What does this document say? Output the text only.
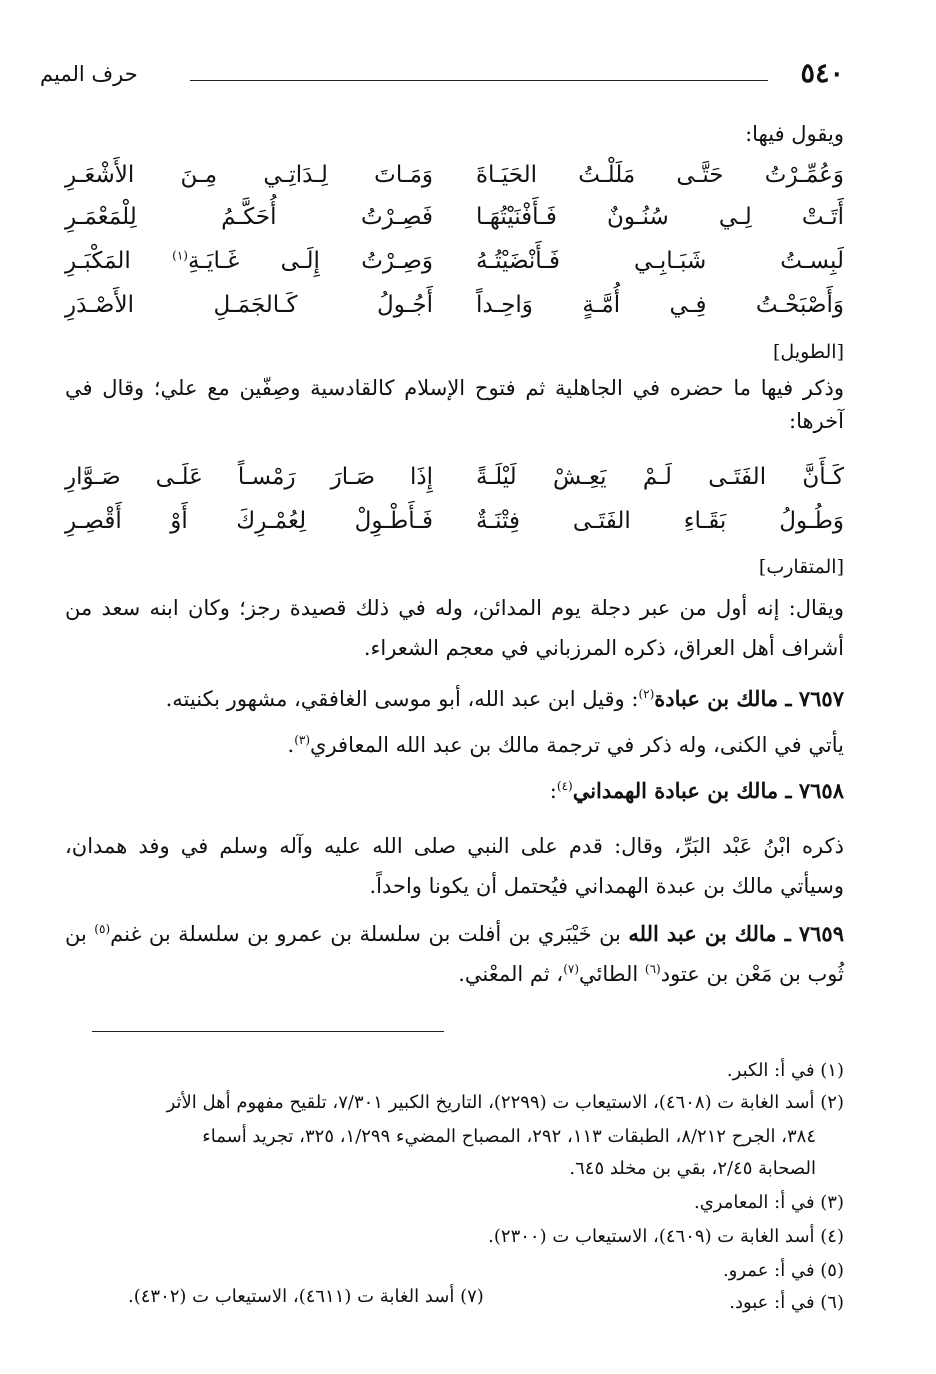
٥٤٠
حرف الميم
ويقول فيها:
وَعُمِّـرْتُ حَتَّـى مَلَلْـتُ الحَيَـاةَ
وَمَـاتَ لِـدَاتِـي مِـنَ الأَشْعَـرِ
أَتَـتْ لِـي سُنُـونٌ فَـأَفْنَيْتُهَـا
فَصِـرْتُ أُحَكَّـمُ لِلْمَعْمَـرِ
لَبِسـتُ شَبَـابِـي فَـأَنْضَيْتُـهُ
وَصِـرْتُ إِلَـى غَـايَـةِ$^{(١)}$ المَكْبَـرِ
وَأَصْبَحْـتُ فِـي أُمَّـةٍ وَاحِـداً
أَجُـولُ كَـالجَمَـلِ الأَصْـدَرِ
[الطويل]
وذكر فيها ما حضره في الجاهلية ثم فتوح الإسلام كالقادسية وصِفّين مع علي؛ وقال في آخرها:
كَـأَنَّ الفَتَـى لَـمْ يَعِـشْ لَيْلَـةً
إِذَا صَـارَ رَمْسـاً عَلَـى صَـوَّارِ
وَطُـولُ بَقَـاءِ الفَتَـى فِتْنَـةٌ
فَـأَطْـوِلْ لِعُمْـرِكَ أَوْ أَقْصِـرِ
[المتقارب]
ويقال: إنه أول من عبر دجلة يوم المدائن، وله في ذلك قصيدة رجز؛ وكان ابنه سعد من أشراف أهل العراق، ذكره المرزباني في معجم الشعراء.
٧٦٥٧ ـ مالك بن عبادة$^{(٢)}$: وقيل ابن عبد الله، أبو موسى الغافقي، مشهور بكنيته.
يأتي في الكنى، وله ذكر في ترجمة مالك بن عبد الله المعافري$^{(٣)}$.
٧٦٥٨ ـ مالك بن عبادة الهمداني$^{(٤)}$:
ذكره ابْنُ عَبْد البَرِّ، وقال: قدم على النبي صلى الله عليه وآله وسلم في وفد همدان، وسيأتي مالك بن عبدة الهمداني فيُحتمل أن يكونا واحداً.
٧٦٥٩ ـ مالك بن عبد الله بن خَيْبَري بن أفلت بن سلسلة بن عمرو بن سلسلة بن غنم$^{(٥)}$ بن ثُوب بن مَعْن بن عتود$^{(٦)}$ الطائي$^{(٧)}$، ثم المعْني.
(١) في أ: الكبر.
(٢) أسد الغابة ت (٤٦٠٨)، الاستيعاب ت (٢٢٩٩)، التاريخ الكبير ٧/٣٠١، تلقيح مفهوم أهل الأثر
٣٨٤، الجرح ٨/٢١٢، الطبقات ١١٣، ٢٩٢، المصباح المضيء ١/٢٩٩، ٣٢٥، تجريد أسماء
الصحابة ٢/٤٥، بقي بن مخلد ٦٤٥.
(٣) في أ: المعامري.
(٤) أسد الغابة ت (٤٦٠٩)، الاستيعاب ت (٢٣٠٠).
(٥) في أ: عمرو.
(٦) في أ: عبود.
(٧) أسد الغابة ت (٤٦١١)، الاستيعاب ت (٤٣٠٢).
